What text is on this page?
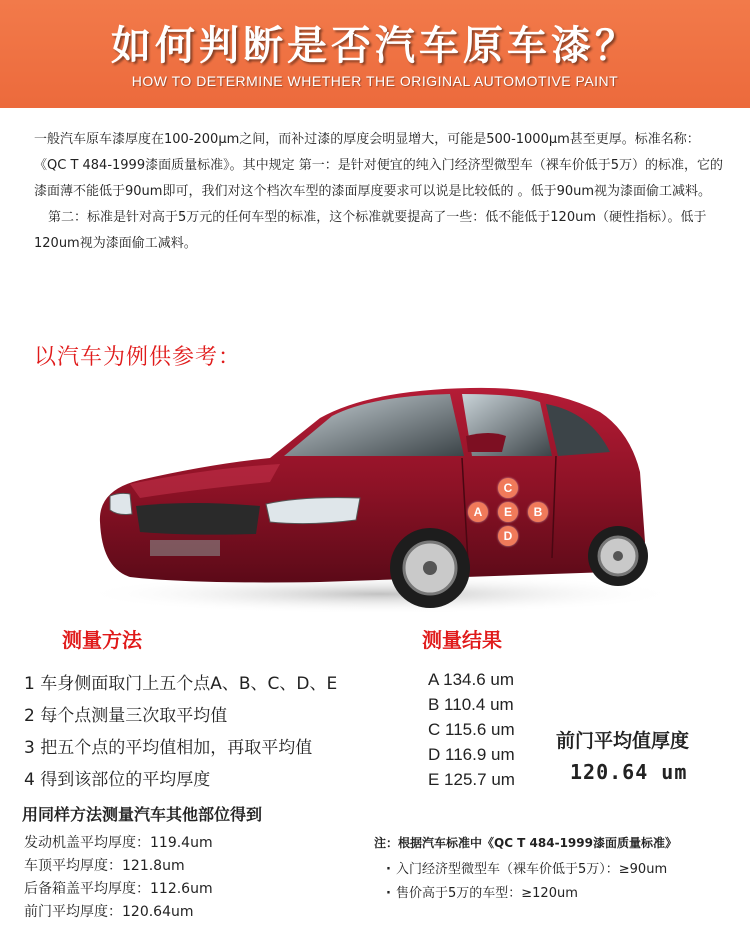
如何判断是否汽车原车漆？
HOW TO DETERMINE WHETHER THE ORIGINAL AUTOMOTIVE PAINT

一般汽车原车漆厚度在100-200μm之间，而补过漆的厚度会明显增大，可能是500-1000μm甚至更厚。标准名称：《QC T 484-1999漆面质量标准》。其中规定 第一：是针对便宜的纯入门经济型微型车（裸车价低于5万）的标准，它的漆面薄不能低于90um即可，我们对这个档次车型的漆面厚度要求可以说是比较低的 。低于90um视为漆面偷工减料。

第二：标准是针对高于5万元的任何车型的标准，这个标准就要提高了一些：低不能低于120um（硬性指标）。低于120um视为漆面偷工减料。

以汽车为例供参考：
C
A	E	B
D
测量方法
1 车身侧面取门上五个点A、B、C、D、E
2 每个点测量三次取平均值
3 把五个点的平均值相加，再取平均值
4 得到该部位的平均厚度
测量结果
A 134.6 um
B 110.4 um
C 115.6 um
D 116.9 um
E 125.7 um
前门平均值厚度
120.64 um
用同样方法测量汽车其他部位得到
发动机盖平均厚度：119.4um
车顶平均厚度：121.8um
后备箱盖平均厚度：112.6um
前门平均厚度：120.64um
注：根据汽车标准中《QC T 484-1999漆面质量标准》
· 入门经济型微型车（裸车价低于5万）：≥90um
· 售价高于5万的车型：≥120um
